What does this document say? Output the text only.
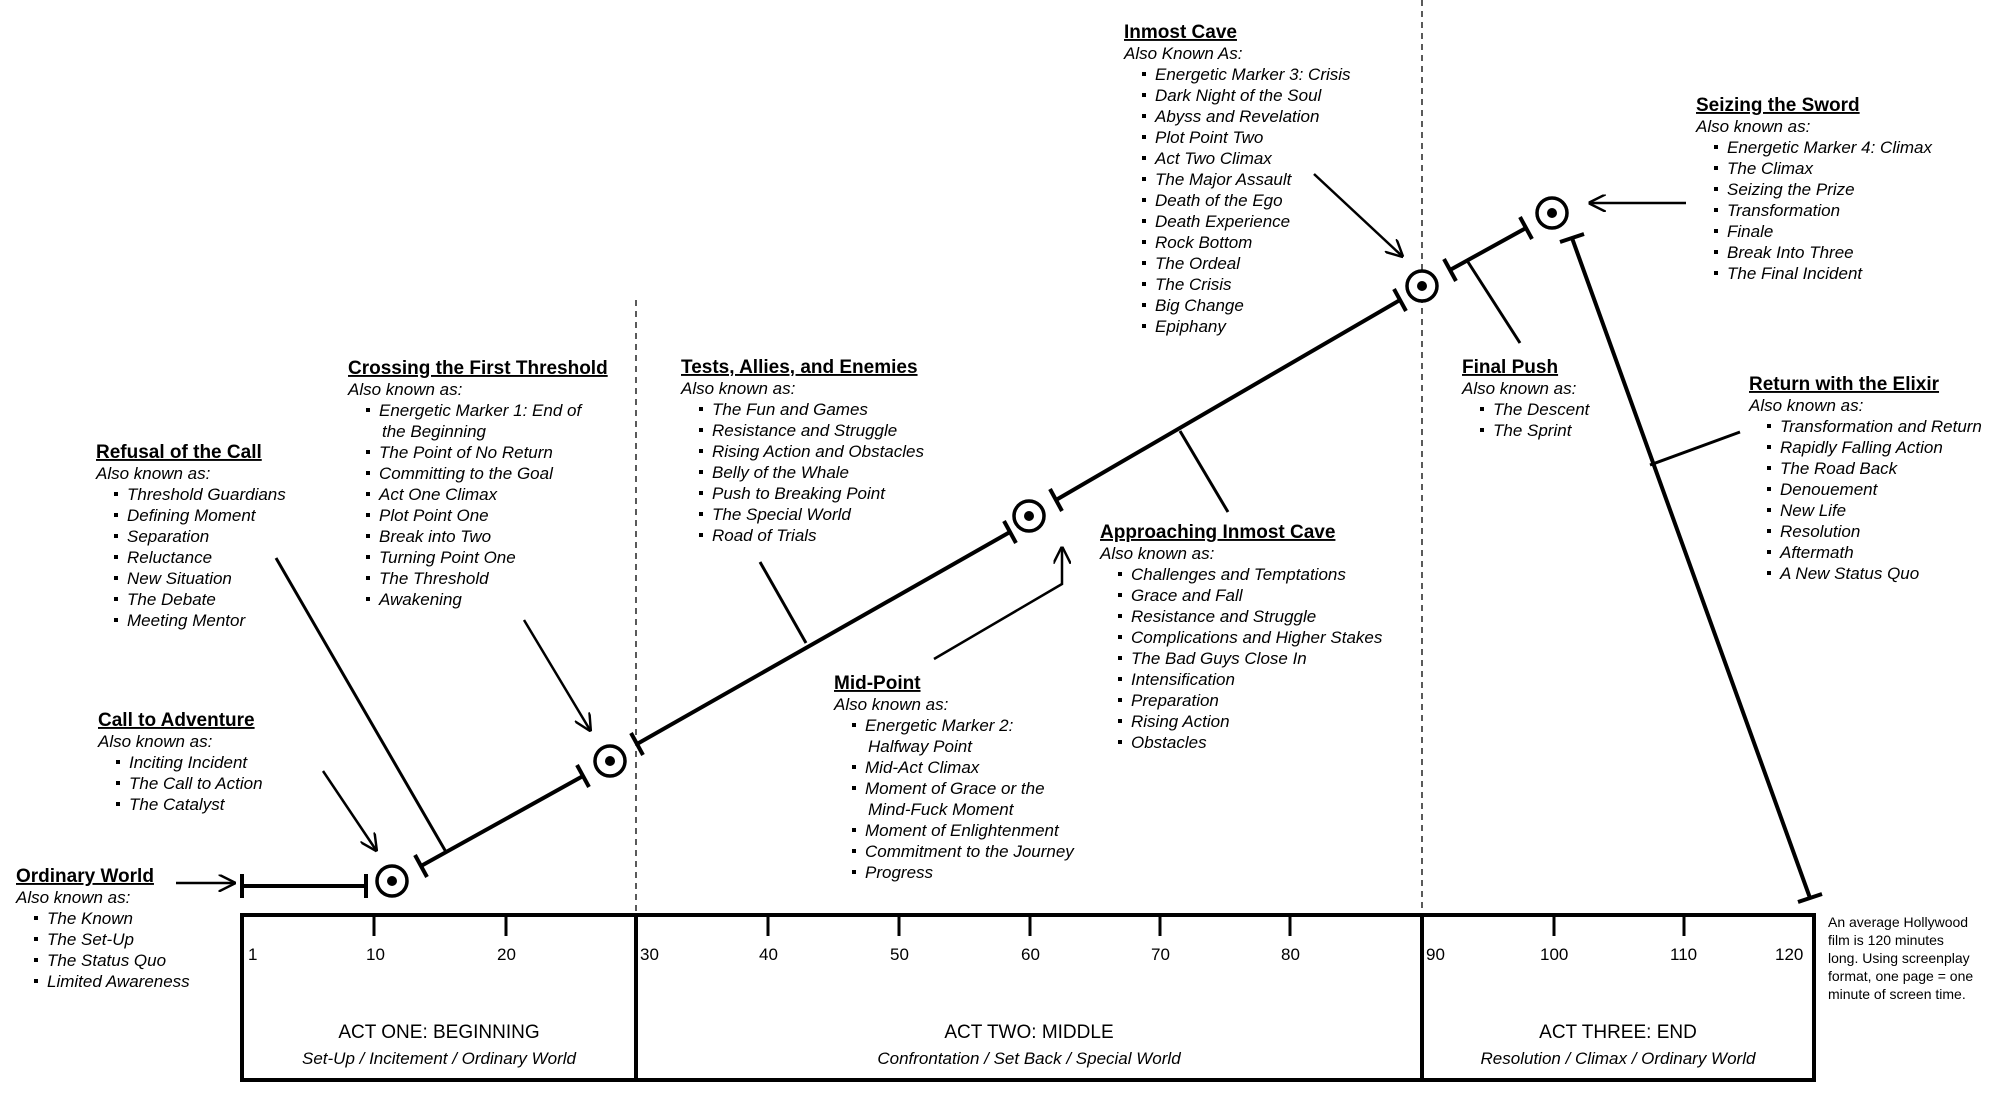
1	10	20	30	40	50	60	70	80	90	100	110	120
ACT ONE: BEGINNING
Set-Up / Incitement / Ordinary World
ACT TWO: MIDDLE
Confrontation / Set Back / Special World
ACT THREE: END
Resolution / Climax / Ordinary World
An average Hollywood
film is 120 minutes
long. Using screenplay
format, one page = one
minute of screen time.
Ordinary World
Also known as:
The Known
The Set-Up
The Status Quo
Limited Awareness
Call to Adventure
Also known as:
Inciting Incident
The Call to Action
The Catalyst
Refusal of the Call
Also known as:
Threshold Guardians
Defining Moment
Separation
Reluctance
New Situation
The Debate
Meeting Mentor
Crossing the First Threshold
Also known as:
Energetic Marker 1: End of
the Beginning
The Point of No Return
Committing to the Goal
Act One Climax
Plot Point One
Break into Two
Turning Point One
The Threshold
Awakening
Tests, Allies, and Enemies
Also known as:
The Fun and Games
Resistance and Struggle
Rising Action and Obstacles
Belly of the Whale
Push to Breaking Point
The Special World
Road of Trials
Mid-Point
Also known as:
Energetic Marker 2:
Halfway Point
Mid-Act Climax
Moment of Grace or the
Mind-Fuck Moment
Moment of Enlightenment
Commitment to the Journey
Progress
Approaching Inmost Cave
Also known as:
Challenges and Temptations
Grace and Fall
Resistance and Struggle
Complications and Higher Stakes
The Bad Guys Close In
Intensification
Preparation
Rising Action
Obstacles
Inmost Cave
Also Known As:
Energetic Marker 3: Crisis
Dark Night of the Soul
Abyss and Revelation
Plot Point Two
Act Two Climax
The Major Assault
Death of the Ego
Death Experience
Rock Bottom
The Ordeal
The Crisis
Big Change
Epiphany
Final Push
Also known as:
The Descent
The Sprint
Seizing the Sword
Also known as:
Energetic Marker 4: Climax
The Climax
Seizing the Prize
Transformation
Finale
Break Into Three
The Final Incident
Return with the Elixir
Also known as:
Transformation and Return
Rapidly Falling Action
The Road Back
Denouement
New Life
Resolution
Aftermath
A New Status Quo
